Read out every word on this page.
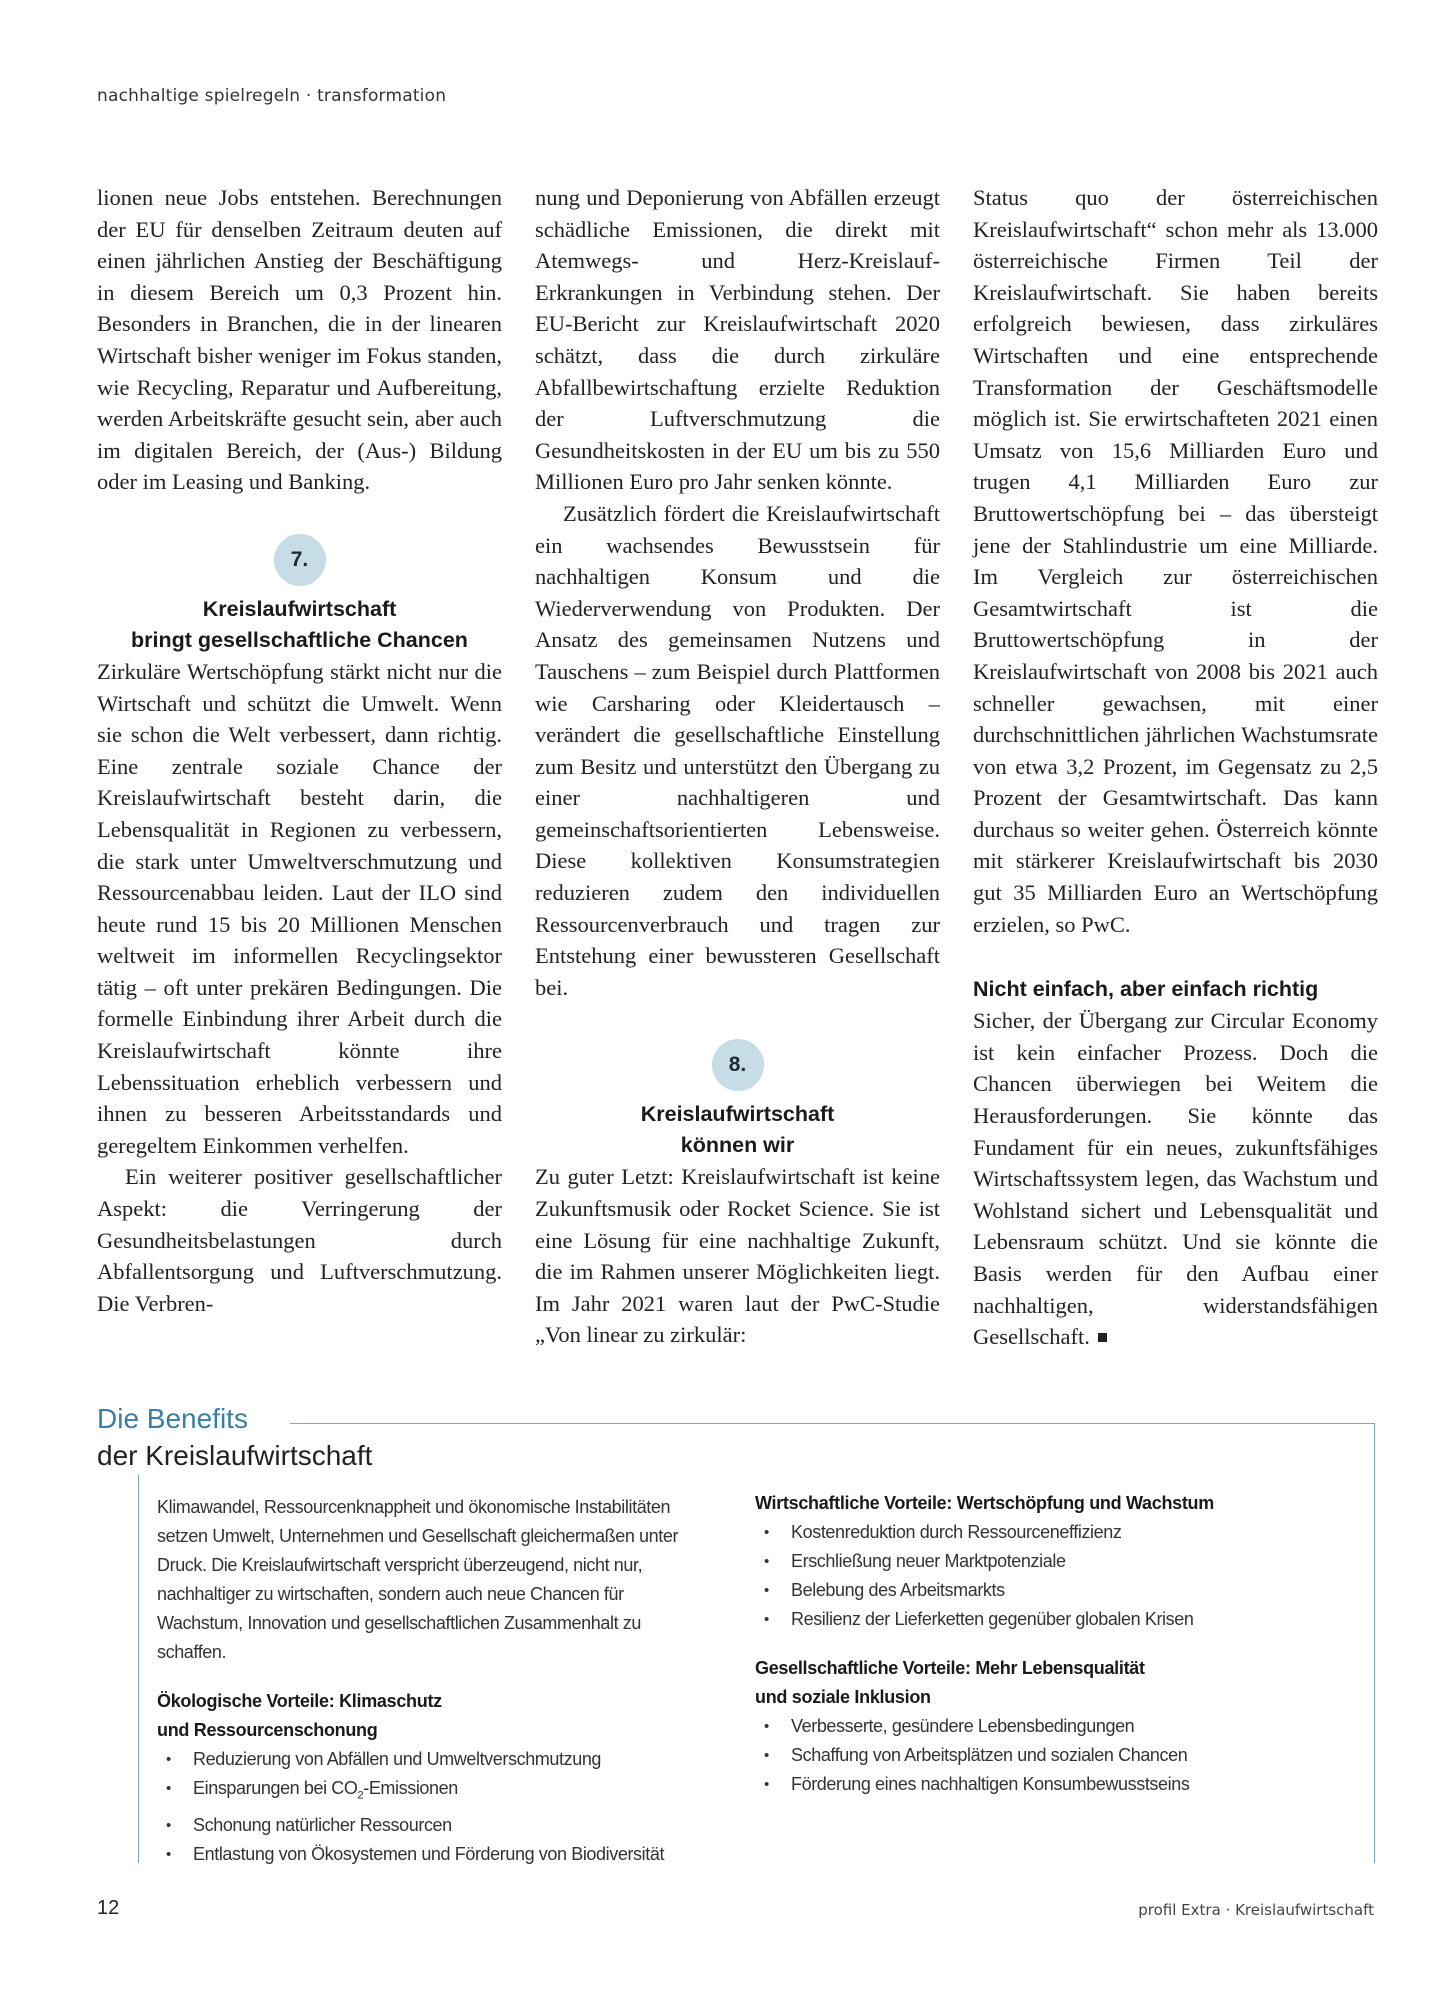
nachhaltige spielregeln · transformation

lionen neue Jobs entstehen. Berechnungen der EU für denselben Zeitraum deuten auf einen jährlichen Anstieg der Beschäftigung in diesem Bereich um 0,3 Prozent hin. Besonders in Branchen, die in der linearen Wirtschaft bisher weniger im Fokus standen, wie Recycling, Reparatur und Aufbereitung, werden Arbeitskräfte gesucht sein, aber auch im digitalen Bereich, der (Aus-) Bildung oder im Leasing und Banking.

7.
Kreislaufwirtschaft
bringt gesellschaftliche Chancen

Zirkuläre Wertschöpfung stärkt nicht nur die Wirtschaft und schützt die Umwelt. Wenn sie schon die Welt verbessert, dann richtig. Eine zentrale soziale Chance der Kreislaufwirtschaft besteht darin, die Lebensqualität in Regionen zu verbessern, die stark unter Umweltverschmutzung und Ressourcenabbau leiden. Laut der ILO sind heute rund 15 bis 20 Millionen Menschen weltweit im informellen Recyclingsektor tätig – oft unter prekären Bedingungen. Die formelle Einbindung ihrer Arbeit durch die Kreislaufwirtschaft könnte ihre Lebenssituation erheblich verbessern und ihnen zu besseren Arbeitsstandards und geregeltem Einkommen verhelfen.

Ein weiterer positiver gesellschaftlicher Aspekt: die Verringerung der Gesundheitsbelastungen durch Abfallentsorgung und Luftverschmutzung. Die Verbren-

nung und Deponierung von Abfällen erzeugt schädliche Emissionen, die direkt mit Atemwegs- und Herz-Kreislauf-Erkrankungen in Verbindung stehen. Der EU-Bericht zur Kreislaufwirtschaft 2020 schätzt, dass die durch zirkuläre Abfallbewirtschaftung erzielte Reduktion der Luftverschmutzung die Gesundheitskosten in der EU um bis zu 550 Millionen Euro pro Jahr senken könnte.

Zusätzlich fördert die Kreislaufwirtschaft ein wachsendes Bewusstsein für nachhaltigen Konsum und die Wiederverwendung von Produkten. Der Ansatz des gemeinsamen Nutzens und Tauschens – zum Beispiel durch Plattformen wie Carsharing oder Kleidertausch – verändert die gesellschaftliche Einstellung zum Besitz und unterstützt den Übergang zu einer nachhaltigeren und gemeinschaftsorientierten Lebensweise. Diese kollektiven Konsumstrategien reduzieren zudem den individuellen Ressourcenverbrauch und tragen zur Entstehung einer bewussteren Gesellschaft bei.

8.
Kreislaufwirtschaft
können wir

Zu guter Letzt: Kreislaufwirtschaft ist keine Zukunftsmusik oder Rocket Science. Sie ist eine Lösung für eine nachhaltige Zukunft, die im Rahmen unserer Möglichkeiten liegt. Im Jahr 2021 waren laut der PwC-Studie „Von linear zu zirkulär:

Status quo der österreichischen Kreislaufwirtschaft“ schon mehr als 13.000 österreichische Firmen Teil der Kreislaufwirtschaft. Sie haben bereits erfolgreich bewiesen, dass zirkuläres Wirtschaften und eine entsprechende Transformation der Geschäftsmodelle möglich ist. Sie erwirtschafteten 2021 einen Umsatz von 15,6 Milliarden Euro und trugen 4,1 Milliarden Euro zur Bruttowertschöpfung bei – das übersteigt jene der Stahlindustrie um eine Milliarde. Im Vergleich zur österreichischen Gesamtwirtschaft ist die Bruttowertschöpfung in der Kreislaufwirtschaft von 2008 bis 2021 auch schneller gewachsen, mit einer durchschnittlichen jährlichen Wachstumsrate von etwa 3,2 Prozent, im Gegensatz zu 2,5 Prozent der Gesamtwirtschaft. Das kann durchaus so weiter gehen. Österreich könnte mit stärkerer Kreislaufwirtschaft bis 2030 gut 35 Milliarden Euro an Wertschöpfung erzielen, so PwC.

Nicht einfach, aber einfach richtig

Sicher, der Übergang zur Circular Economy ist kein einfacher Prozess. Doch die Chancen überwiegen bei Weitem die Herausforderungen. Sie könnte das Fundament für ein neues, zukunftsfähiges Wirtschaftssystem legen, das Wachstum und Wohlstand sichert und Lebensqualität und Lebensraum schützt. Und sie könnte die Basis werden für den Aufbau einer nachhaltigen, widerstandsfähigen Gesellschaft.

Die Benefits
der Kreislaufwirtschaft

Klimawandel, Ressourcenknappheit und ökonomische Instabilitäten setzen Umwelt, Unternehmen und Gesellschaft gleichermaßen unter Druck. Die Kreislaufwirtschaft verspricht überzeugend, nicht nur, nachhaltiger zu wirtschaften, sondern auch neue Chancen für Wachstum, Innovation und gesellschaftlichen Zusammenhalt zu schaffen.

Ökologische Vorteile: Klimaschutz
und Ressourcenschonung
• Reduzierung von Abfällen und Umweltverschmutzung
• Einsparungen bei $CO_2$-Emissionen
• Schonung natürlicher Ressourcen
• Entlastung von Ökosystemen und Förderung von Biodiversität
Wirtschaftliche Vorteile: Wertschöpfung und Wachstum
• Kostenreduktion durch Ressourceneffizienz
• Erschließung neuer Marktpotenziale
• Belebung des Arbeitsmarkts
• Resilienz der Lieferketten gegenüber globalen Krisen
Gesellschaftliche Vorteile: Mehr Lebensqualität
und soziale Inklusion
• Verbesserte, gesündere Lebensbedingungen
• Schaffung von Arbeitsplätzen und sozialen Chancen
• Förderung eines nachhaltigen Konsumbewusstseins
12	profil Extra · Kreislaufwirtschaft
